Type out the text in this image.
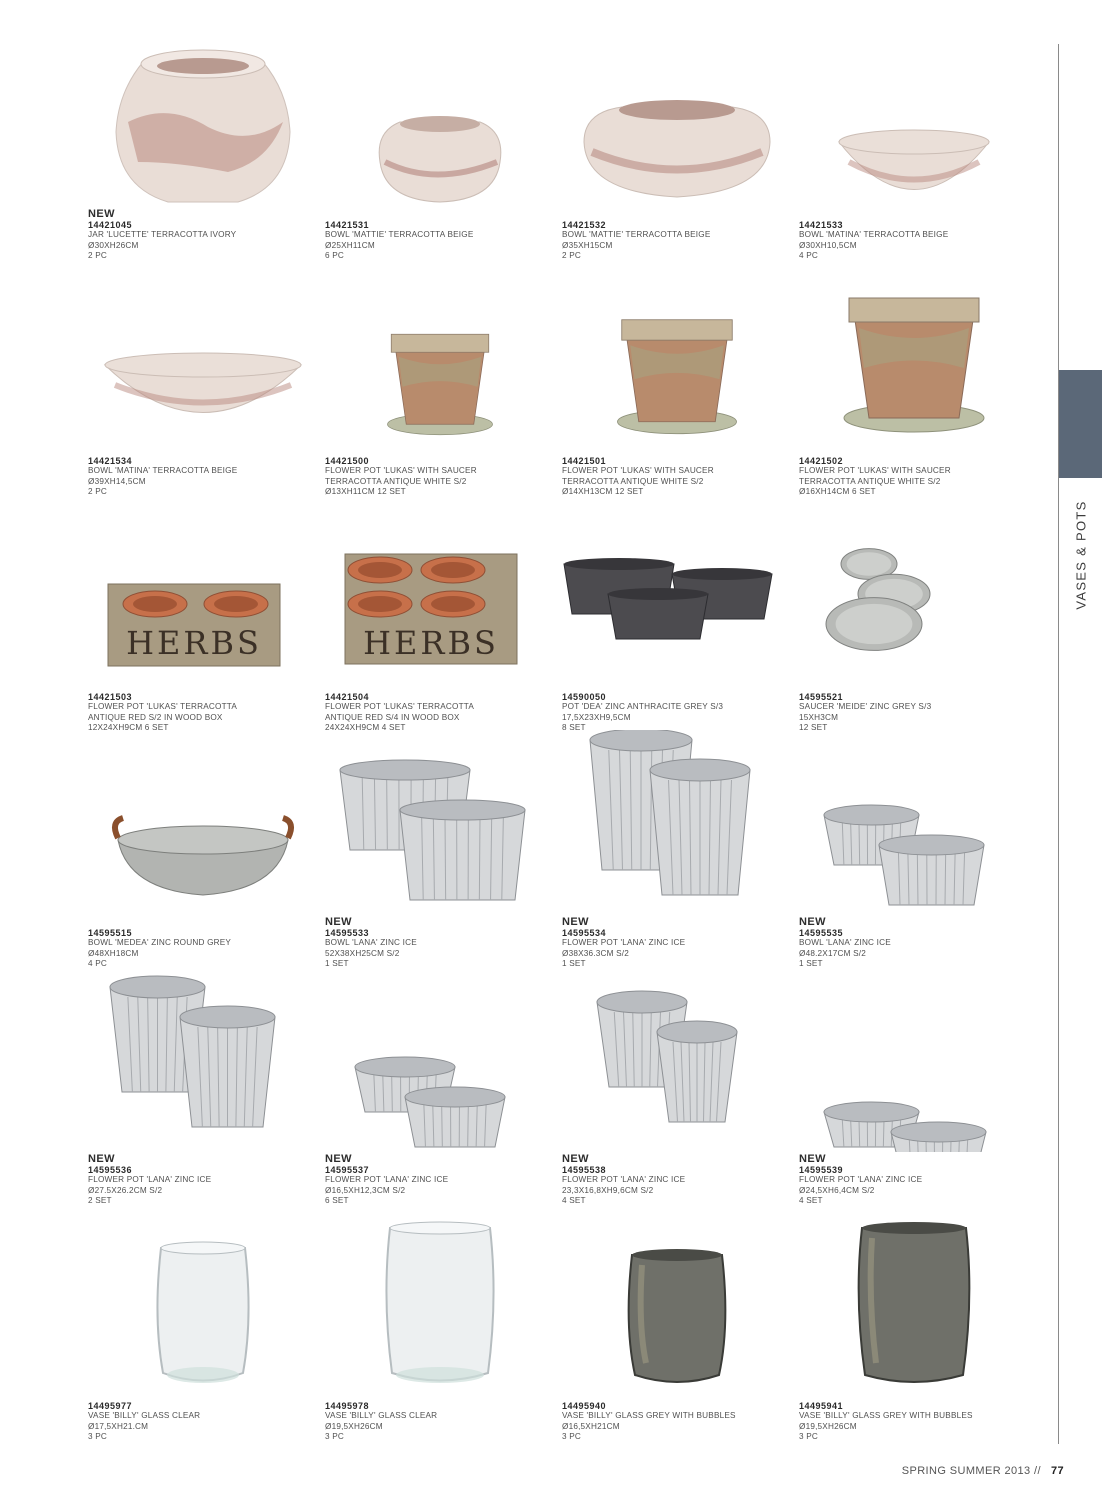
VASES & POTS
NEW
14421045
JAR 'LUCETTE' TERRACOTTA IVORY
Ø30XH26CM
2 PC
14421531
BOWL 'MATTIE' TERRACOTTA BEIGE
Ø25XH11CM
6 PC
14421532
BOWL 'MATTIE' TERRACOTTA BEIGE
Ø35XH15CM
2 PC
14421533
BOWL 'MATINA' TERRACOTTA BEIGE
Ø30XH10,5CM
4 PC
14421534
BOWL 'MATINA' TERRACOTTA BEIGE
Ø39XH14,5CM
2 PC
14421500
FLOWER POT 'LUKAS' WITH SAUCER
TERRACOTTA ANTIQUE WHITE S/2
Ø13XH11CM 12 SET
14421501
FLOWER POT 'LUKAS' WITH SAUCER
TERRACOTTA ANTIQUE WHITE S/2
Ø14XH13CM 12 SET
14421502
FLOWER POT 'LUKAS' WITH SAUCER
TERRACOTTA ANTIQUE WHITE S/2
Ø16XH14CM 6 SET
HERBS
14421503
FLOWER POT 'LUKAS' TERRACOTTA
ANTIQUE RED S/2 IN WOOD BOX
12X24XH9CM 6 SET
HERBS
14421504
FLOWER POT 'LUKAS' TERRACOTTA
ANTIQUE RED S/4 IN WOOD BOX
24X24XH9CM 4 SET
14590050
POT 'DEA' ZINC ANTHRACITE GREY S/3
17,5X23XH9,5CM
8 SET
14595521
SAUCER 'MEIDE' ZINC GREY S/3
15XH3CM
12 SET
14595515
BOWL 'MEDEA' ZINC ROUND GREY
Ø48XH18CM
4 PC
NEW
14595533
BOWL 'LANA' ZINC ICE
52X38XH25CM S/2
1 SET
NEW
14595534
FLOWER POT 'LANA' ZINC ICE
Ø38X36.3CM S/2
1 SET
NEW
14595535
BOWL 'LANA' ZINC ICE
Ø48.2X17CM S/2
1 SET
NEW
14595536
FLOWER POT 'LANA' ZINC ICE
Ø27.5X26.2CM S/2
2 SET
NEW
14595537
FLOWER POT 'LANA' ZINC ICE
Ø16,5XH12,3CM S/2
6 SET
NEW
14595538
FLOWER POT 'LANA' ZINC ICE
23,3X16,8XH9,6CM S/2
4 SET
NEW
14595539
FLOWER POT 'LANA' ZINC ICE
Ø24,5XH6,4CM S/2
4 SET
14495977
VASE 'BILLY' GLASS CLEAR
Ø17,5XH21.CM
3 PC
14495978
VASE 'BILLY' GLASS CLEAR
Ø19,5XH26CM
3 PC
14495940
VASE 'BILLY' GLASS GREY WITH BUBBLES
Ø16,5XH21CM
3 PC
14495941
VASE 'BILLY' GLASS GREY WITH BUBBLES
Ø19,5XH26CM
3 PC
SPRING SUMMER 2013 // 77
